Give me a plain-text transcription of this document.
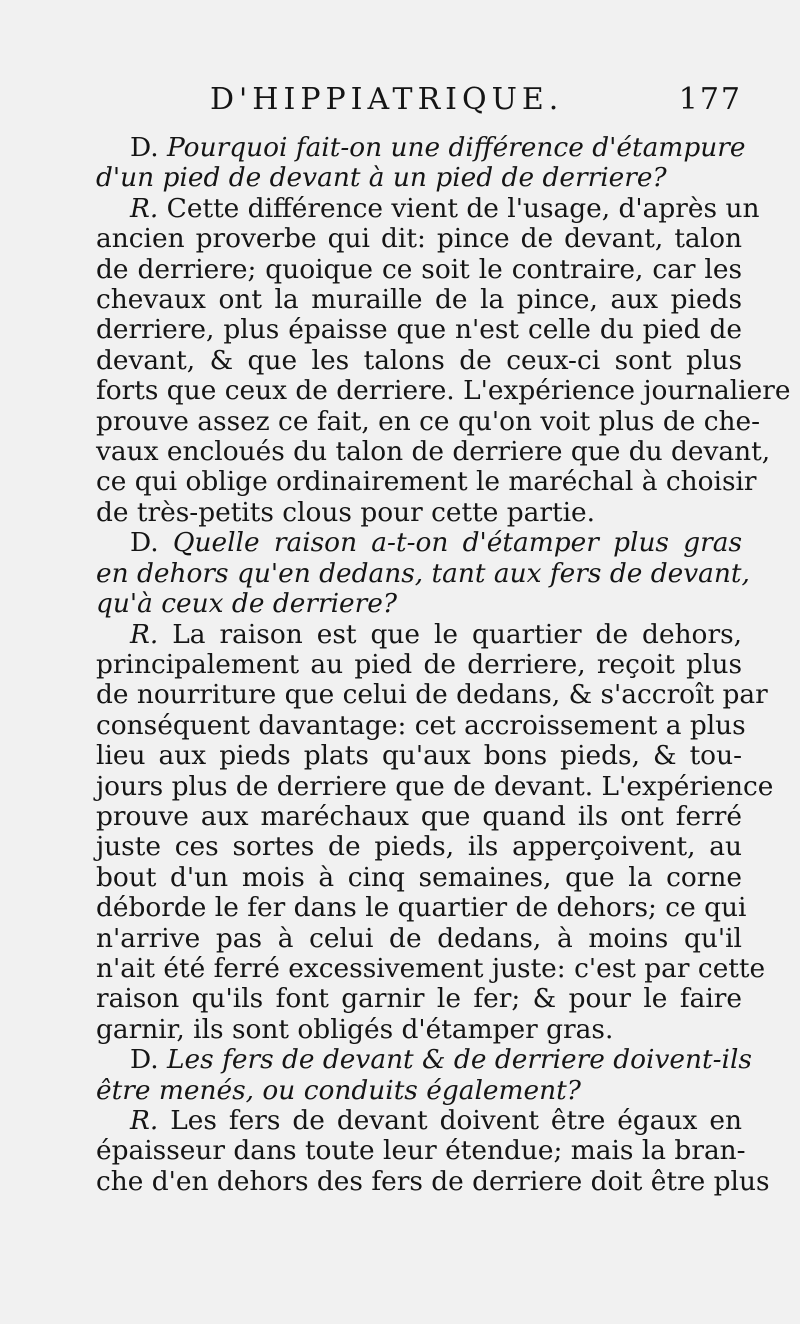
D'HIPPIATRIQUE.	177
D. Pourquoi fait-on une différence d'étampure
d'un pied de devant à un pied de derriere?
R. Cette différence vient de l'usage, d'après un
ancien proverbe qui dit: pince de devant, talon
de derriere; quoique ce soit le contraire, car les
chevaux ont la muraille de la pince, aux pieds
derriere, plus épaisse que n'est celle du pied de
devant, & que les talons de ceux-ci sont plus
forts que ceux de derriere. L'expérience journaliere
prouve assez ce fait, en ce qu'on voit plus de che-
vaux encloués du talon de derriere que du devant,
ce qui oblige ordinairement le maréchal à choisir
de très-petits clous pour cette partie.
D. Quelle raison a-t-on d'étamper plus gras
en dehors qu'en dedans, tant aux fers de devant,
qu'à ceux de derriere?
R. La raison est que le quartier de dehors,
principalement au pied de derriere, reçoit plus
de nourriture que celui de dedans, & s'accroît par
conséquent davantage: cet accroissement a plus
lieu aux pieds plats qu'aux bons pieds, & tou-
jours plus de derriere que de devant. L'expérience
prouve aux maréchaux que quand ils ont ferré
juste ces sortes de pieds, ils apperçoivent, au
bout d'un mois à cinq semaines, que la corne
déborde le fer dans le quartier de dehors; ce qui
n'arrive pas à celui de dedans, à moins qu'il
n'ait été ferré excessivement juste: c'est par cette
raison qu'ils font garnir le fer; & pour le faire
garnir, ils sont obligés d'étamper gras.
D. Les fers de devant & de derriere doivent-ils
être menés, ou conduits également?
R. Les fers de devant doivent être égaux en
épaisseur dans toute leur étendue; mais la bran-
che d'en dehors des fers de derriere doit être plus
